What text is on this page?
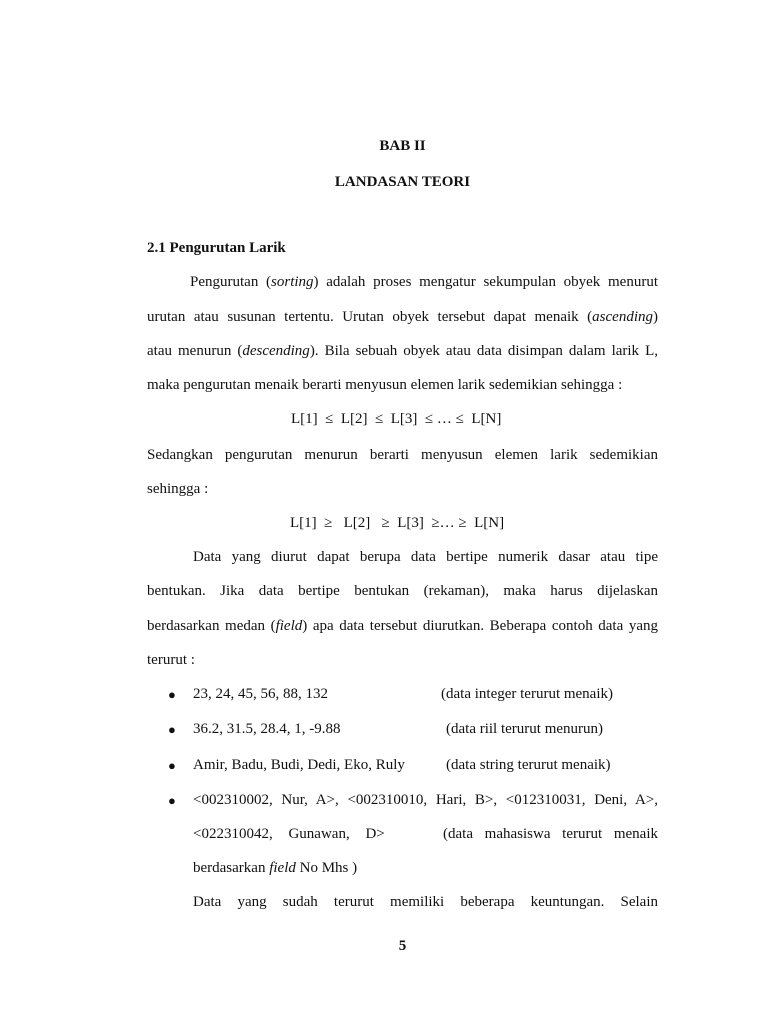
BAB II
LANDASAN TEORI
2.1 Pengurutan Larik
Pengurutan (sorting) adalah proses mengatur sekumpulan obyek menurut
urutan atau susunan tertentu. Urutan obyek tersebut dapat menaik (ascending)
atau menurun (descending). Bila sebuah obyek atau data disimpan dalam larik L,
maka pengurutan menaik berarti menyusun elemen larik sedemikian sehingga :
L[1]  ≤  L[2]  ≤  L[3]  ≤ … ≤  L[N]
Sedangkan pengurutan menurun berarti menyusun elemen larik sedemikian
sehingga :
L[1]  ≥   L[2]   ≥  L[3]  ≥… ≥  L[N]
Data yang diurut dapat berupa data bertipe numerik dasar atau tipe
bentukan. Jika data bertipe bentukan (rekaman), maka harus dijelaskan
berdasarkan medan (field) apa data tersebut diurutkan. Beberapa contoh data yang
terurut :
● 23, 24, 45, 56, 88, 132	(data integer terurut menaik)
● 36.2, 31.5, 28.4, 1, -9.88	(data riil terurut menurun)
● Amir, Badu, Budi, Dedi, Eko, Ruly	(data string terurut menaik)
● <002310002, Nur, A>, <002310010, Hari, B>, <012310031, Deni, A>,
<022310042, Gunawan, D>	(data mahasiswa terurut menaik
berdasarkan field No Mhs )
Data yang sudah terurut memiliki beberapa keuntungan. Selain
5
